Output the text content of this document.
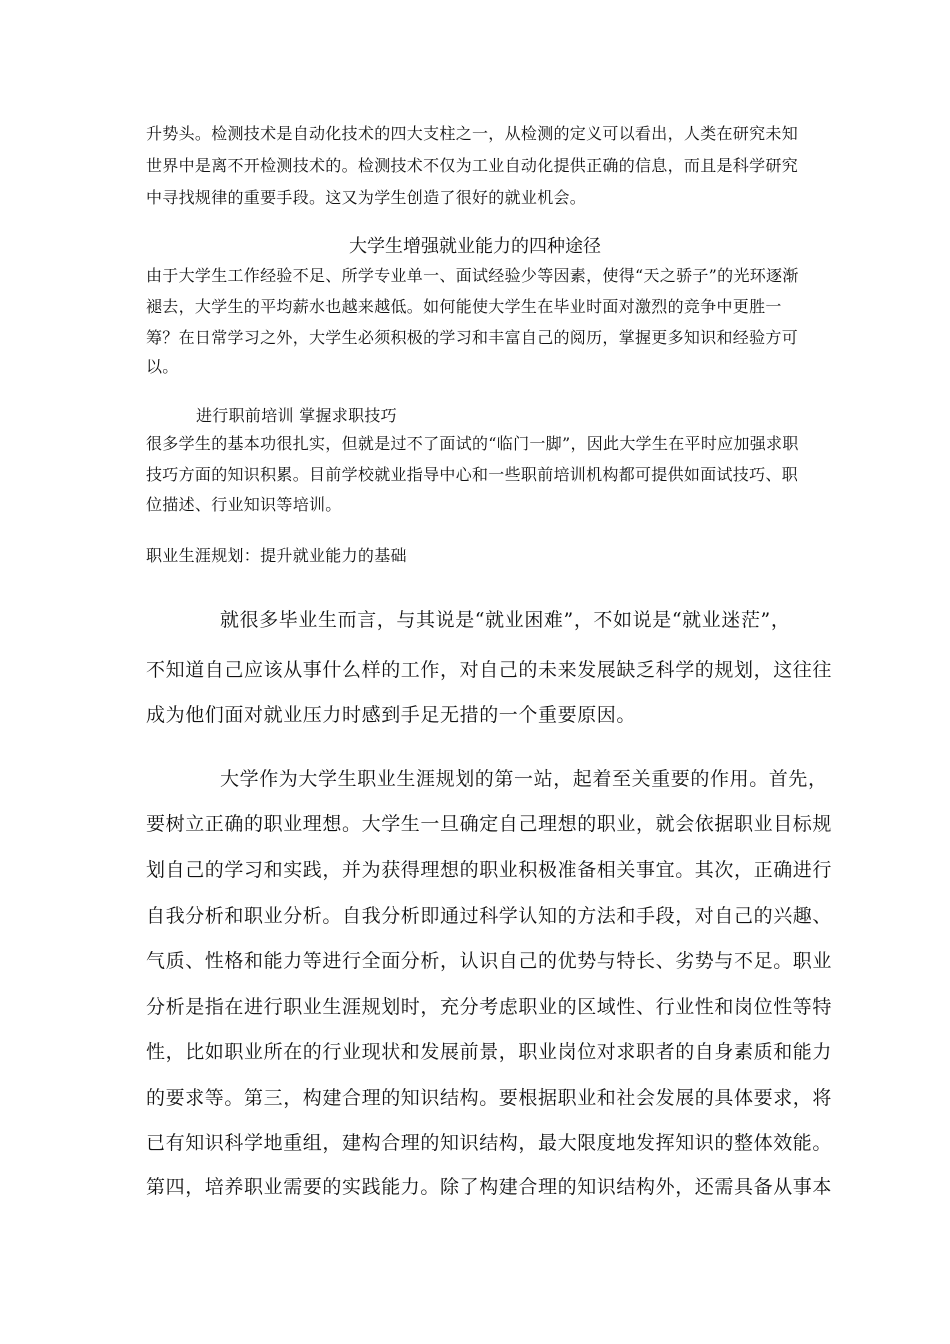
升势头。检测技术是自动化技术的四大支柱之一，从检测的定义可以看出，人类在研究未知

世界中是离不开检测技术的。检测技术不仅为工业自动化提供正确的信息，而且是科学研究

中寻找规律的重要手段。这又为学生创造了很好的就业机会。

大学生增强就业能力的四种途径

由于大学生工作经验不足、所学专业单一、面试经验少等因素，使得“天之骄子”的光环逐渐

褪去，大学生的平均薪水也越来越低。如何能使大学生在毕业时面对激烈的竞争中更胜一

筹？在日常学习之外，大学生必须积极的学习和丰富自己的阅历，掌握更多知识和经验方可

以。

进行职前培训 掌握求职技巧

很多学生的基本功很扎实，但就是过不了面试的“临门一脚”，因此大学生在平时应加强求职

技巧方面的知识积累。目前学校就业指导中心和一些职前培训机构都可提供如面试技巧、职

位描述、行业知识等培训。

职业生涯规划：提升就业能力的基础

就很多毕业生而言，与其说是“就业困难”，不如说是“就业迷茫”，

不知道自己应该从事什么样的工作，对自己的未来发展缺乏科学的规划，这往往

成为他们面对就业压力时感到手足无措的一个重要原因。

大学作为大学生职业生涯规划的第一站，起着至关重要的作用。首先，

要树立正确的职业理想。大学生一旦确定自己理想的职业，就会依据职业目标规

划自己的学习和实践，并为获得理想的职业积极准备相关事宜。其次，正确进行

自我分析和职业分析。自我分析即通过科学认知的方法和手段，对自己的兴趣、

气质、性格和能力等进行全面分析，认识自己的优势与特长、劣势与不足。职业

分析是指在进行职业生涯规划时，充分考虑职业的区域性、行业性和岗位性等特

性，比如职业所在的行业现状和发展前景，职业岗位对求职者的自身素质和能力

的要求等。第三，构建合理的知识结构。要根据职业和社会发展的具体要求，将

已有知识科学地重组，建构合理的知识结构，最大限度地发挥知识的整体效能。

第四，培养职业需要的实践能力。除了构建合理的知识结构外，还需具备从事本
